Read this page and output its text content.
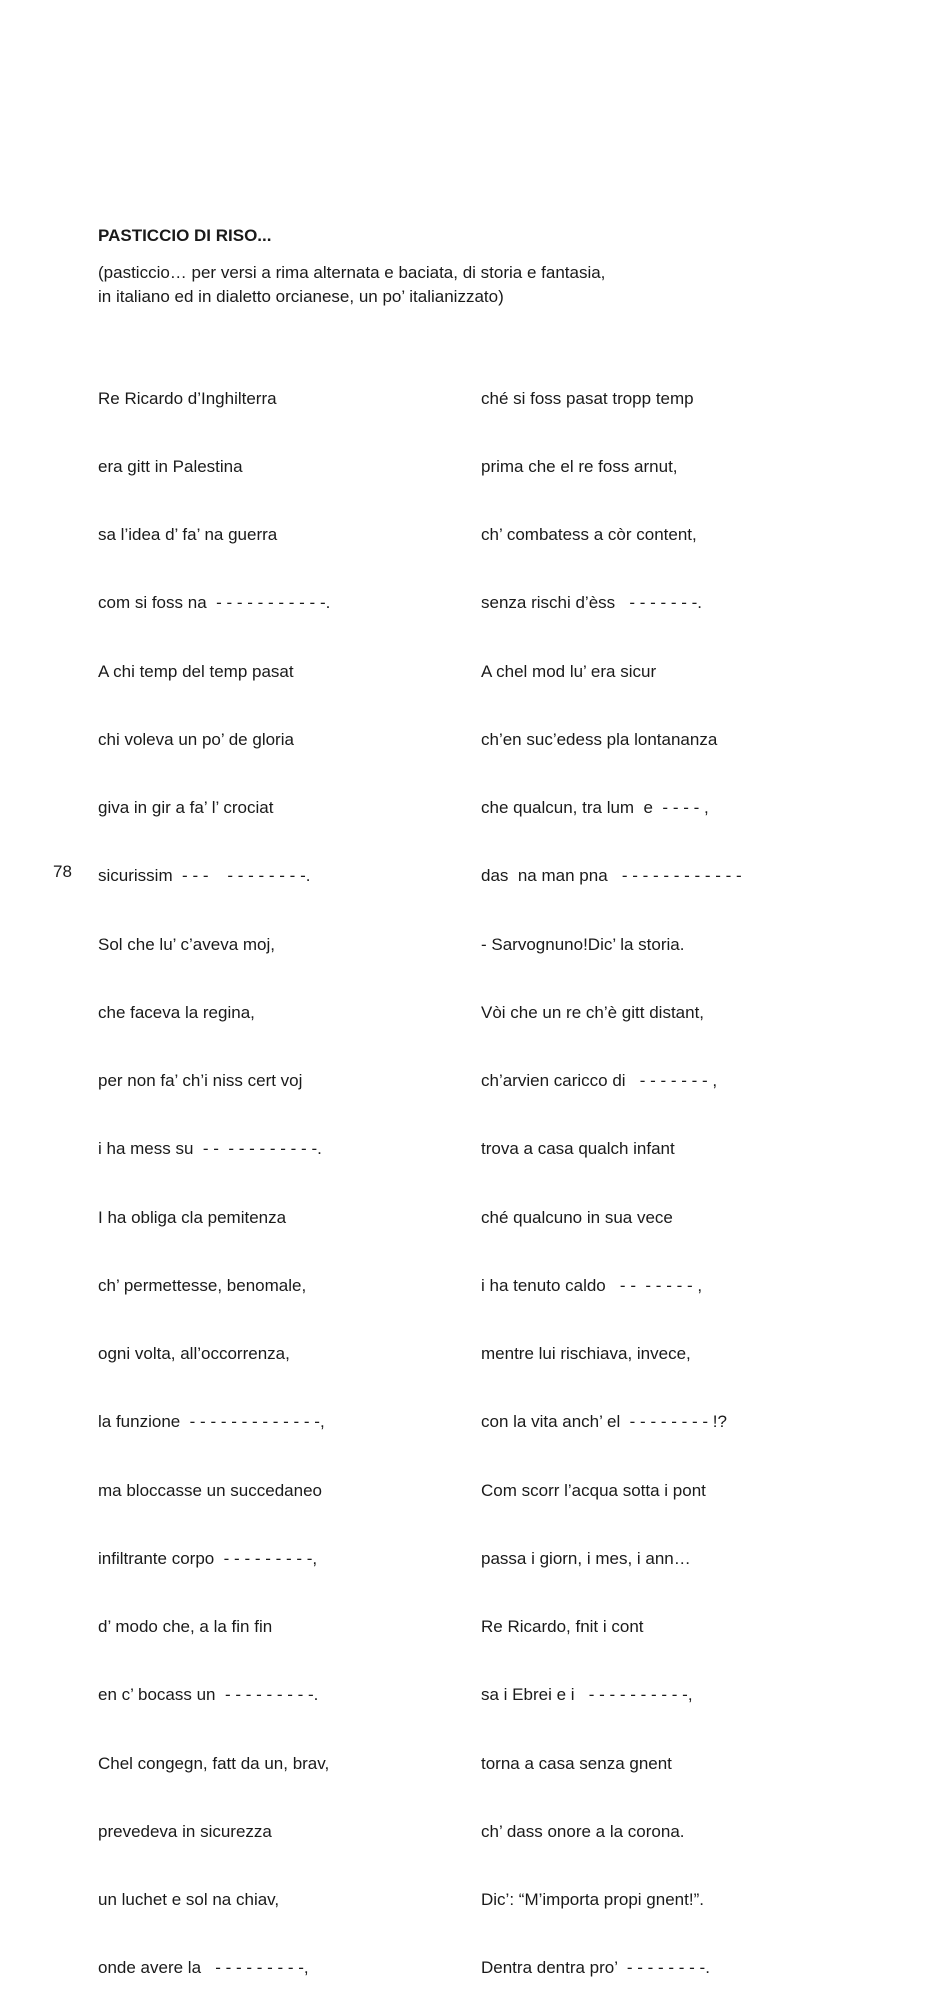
PASTICCIO DI RISO...
(pasticcio… per versi a rima alternata e baciata, di storia e fantasia,
in italiano ed in dialetto orcianese, un po’ italianizzato)

Re Ricardo d’Inghilterra

era gitt in Palestina

sa l’idea d’ fa’ na guerra

com si foss na  - - - - - - - - - - -.

A chi temp del temp pasat

chi voleva un po’ de gloria

giva in gir a fa’ l’ crociat

sicurissim  - - -    - - - - - - - -.

Sol che lu’ c’aveva moj,

che faceva la regina,

per non fa’ ch’i niss cert voj

i ha mess su  - -  - - - - - - - - -.

I ha obliga cla pemitenza

ch’ permettesse, benomale,

ogni volta, all’occorrenza,

la funzione  - - - - - - - - - - - - -,

ma bloccasse un succedaneo

infiltrante corpo  - - - - - - - - -,

d’ modo che, a la fin fin

en c’ bocass un  - - - - - - - - -.

Chel congegn, fatt da un, brav,

prevedeva in sicurezza

un luchet e sol na chiav,

onde avere la   - - - - - - - - -,

ché si foss pasat tropp temp

prima che el re foss arnut,

ch’ combatess a còr content,

senza rischi d’èss   - - - - - - -.

A chel mod lu’ era sicur

ch’en suc’edess pla lontananza

che qualcun, tra lum  e  - - - - ,

das  na man pna   - - - - - - - - - - - -

- Sarvognuno!Dic’ la storia.

Vòi che un re ch’è gitt distant,

ch’arvien caricco di   - - - - - - - ,

trova a casa qualch infant

ché qualcuno in sua vece

i ha tenuto caldo   - -  - - - - - ,

mentre lui rischiava, invece,

con la vita anch’ el  - - - - - - - - !?

Com scorr l’acqua sotta i pont

passa i giorn, i mes, i ann…

Re Ricardo, fnit i cont

sa i Ebrei e i   - - - - - - - - - -,

torna a casa senza gnent

ch’ dass onore a la corona.

Dic’: “M’importa propi gnent!”.

Dentra dentra pro’  - - - - - - - -.

78
